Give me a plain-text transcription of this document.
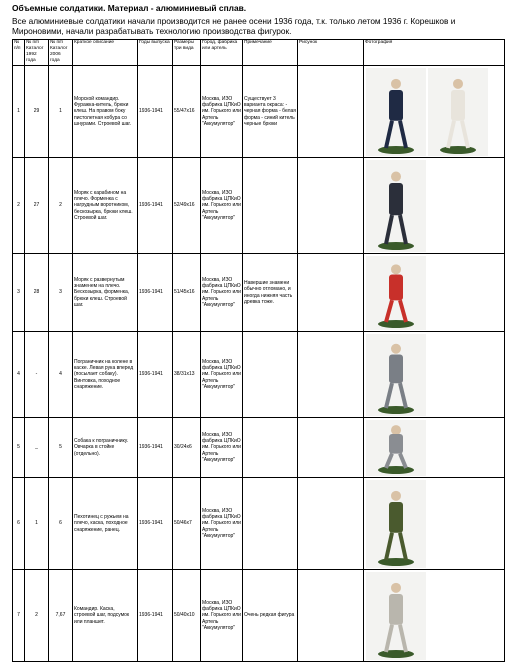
Объемные солдатики. Материал - алюминиевый сплав.
Все алюминиевые солдатики начали производится не ранее осени 1936 года, т.к. только летом 1936 г. Корешков и Мироновими, начали разрабатывать технологию производства фигурок.
№ п/п	№ п/п Каталог 1992 года	№ п/п Каталог 2006 года	Краткое описание	Годы выпуска	Размеры три вида	Город, фабрика или артель	Примечание	Рисунок	Фотография
1	29	1	Морской командир. Фуражка-китель, брюки клеш. На правом боку пистолетная кобура со шнурами. Строевой шаг.	1936-1941	55/47x16	Москва, ИЗО фабрика ЦПКиО им. Горького или Артель "Аккумулятор"	Существует 3 варианта окраса: - черная форма - белая форма - синий китель черные брюки		

2	27	2	Моряк с карабином на плечо. Форменка с нагрудным воротником, бескозырка, брюки клеш. Строевой шаг.	1936-1941	52/49x16	Москва, ИЗО фабрика ЦПКиО им. Горького или Артель "Аккумулятор"			

3	28	3	Моряк с развернутым знаменем на плечо. Бескозырка, форменка, брюки клеш. Строевой шаг.	1936-1941	51/45x16	Москва, ИЗО фабрика ЦПКиО им. Горького или Артель "Аккумулятор"	Навершие знамени обычно отломано, и иногда нижняя часть древка тоже.		

4	-	4	Пограничник на колене в каске. Левая рука вперед (посылает собаку). Винтовка, походное снаряжение.	1936-1941	38/31x13	Москва, ИЗО фабрика ЦПКиО им. Горького или Артель "Аккумулятор"			

5	_	5	Собака к пограничнику. Овчарка в стойке (отдельно).	1936-1941	30/24x6	Москва, ИЗО фабрика ЦПКиО им. Горького или Артель "Аккумулятор"			

6	1	6	Пехотинец с ружьем на плечо, каска, походное снаряжение, ранец.	1936-1941	50/46x7	Москва, ИЗО фабрика ЦПКиО им. Горького или Артель "Аккумулятор"			

7	2	7,67	Командир. Каска, строевой шаг, подсумок или планшет.	1936-1941	50/40x10	Москва, ИЗО фабрика ЦПКиО им. Горького или Артель "Аккумулятор"	Очень редкая фигура		
